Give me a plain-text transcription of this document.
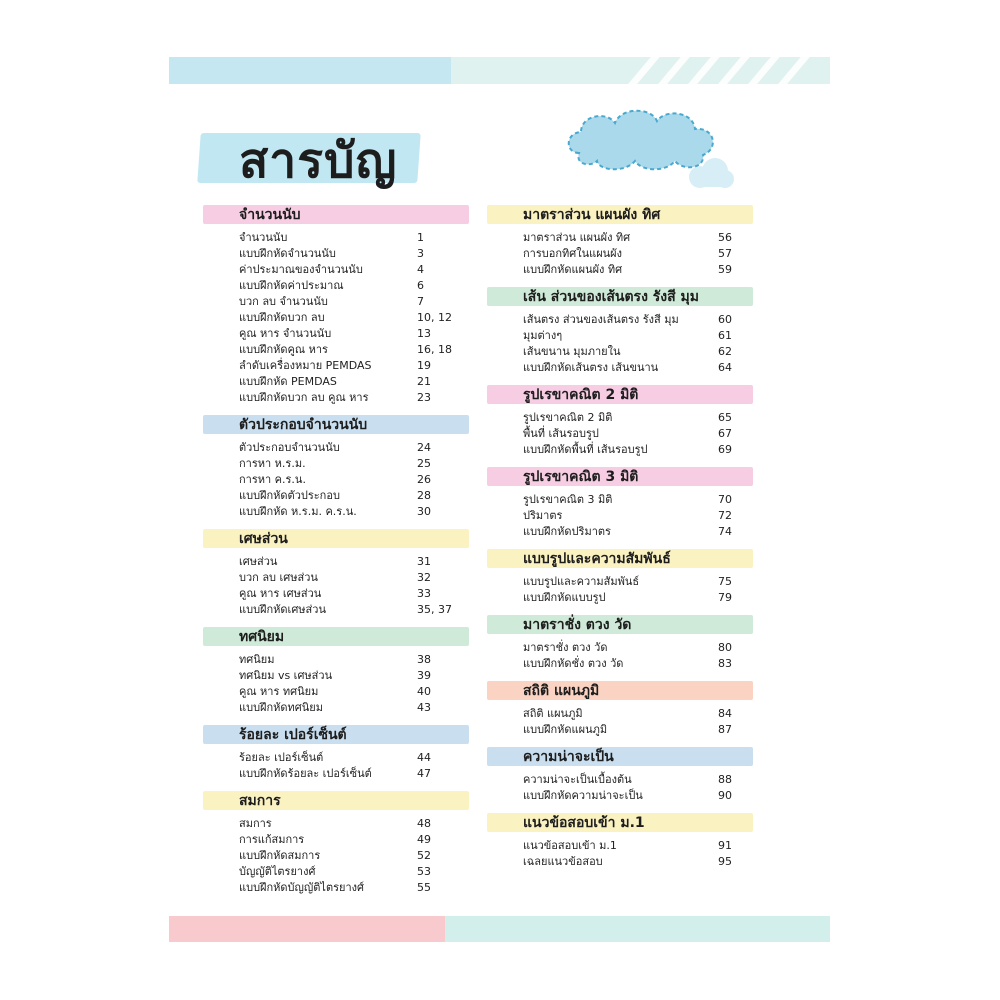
สารบัญ
จำนวนนับ
จำนวนนับ	1
แบบฝึกหัดจำนวนนับ	3
ค่าประมาณของจำนวนนับ	4
แบบฝึกหัดค่าประมาณ	6
บวก ลบ จำนวนนับ	7
แบบฝึกหัดบวก ลบ	10, 12
คูณ หาร จำนวนนับ	13
แบบฝึกหัดคูณ หาร	16, 18
ลำดับเครื่องหมาย PEMDAS	19
แบบฝึกหัด PEMDAS	21
แบบฝึกหัดบวก ลบ คูณ หาร	23
ตัวประกอบจำนวนนับ
ตัวประกอบจำนวนนับ	24
การหา ห.ร.ม.	25
การหา ค.ร.น.	26
แบบฝึกหัดตัวประกอบ	28
แบบฝึกหัด ห.ร.ม. ค.ร.น.	30
เศษส่วน
เศษส่วน	31
บวก ลบ เศษส่วน	32
คูณ หาร เศษส่วน	33
แบบฝึกหัดเศษส่วน	35, 37
ทศนิยม
ทศนิยม	38
ทศนิยม vs เศษส่วน	39
คูณ หาร ทศนิยม	40
แบบฝึกหัดทศนิยม	43
ร้อยละ เปอร์เซ็นต์
ร้อยละ เปอร์เซ็นต์	44
แบบฝึกหัดร้อยละ เปอร์เซ็นต์	47
สมการ
สมการ	48
การแก้สมการ	49
แบบฝึกหัดสมการ	52
บัญญัติไตรยางศ์	53
แบบฝึกหัดบัญญัติไตรยางศ์	55
มาตราส่วน แผนผัง ทิศ
มาตราส่วน แผนผัง ทิศ	56
การบอกทิศในแผนผัง	57
แบบฝึกหัดแผนผัง ทิศ	59
เส้น ส่วนของเส้นตรง รังสี มุม
เส้นตรง ส่วนของเส้นตรง รังสี มุม	60
มุมต่างๆ	61
เส้นขนาน มุมภายใน	62
แบบฝึกหัดเส้นตรง เส้นขนาน	64
รูปเรขาคณิต 2 มิติ
รูปเรขาคณิต 2 มิติ	65
พื้นที่ เส้นรอบรูป	67
แบบฝึกหัดพื้นที่ เส้นรอบรูป	69
รูปเรขาคณิต 3 มิติ
รูปเรขาคณิต 3 มิติ	70
ปริมาตร	72
แบบฝึกหัดปริมาตร	74
แบบรูปและความสัมพันธ์
แบบรูปและความสัมพันธ์	75
แบบฝึกหัดแบบรูป	79
มาตราชั่ง ตวง วัด
มาตราชั่ง ตวง วัด	80
แบบฝึกหัดชั่ง ตวง วัด	83
สถิติ แผนภูมิ
สถิติ แผนภูมิ	84
แบบฝึกหัดแผนภูมิ	87
ความน่าจะเป็น
ความน่าจะเป็นเบื้องต้น	88
แบบฝึกหัดความน่าจะเป็น	90
แนวข้อสอบเข้า ม.1
แนวข้อสอบเข้า ม.1	91
เฉลยแนวข้อสอบ	95
